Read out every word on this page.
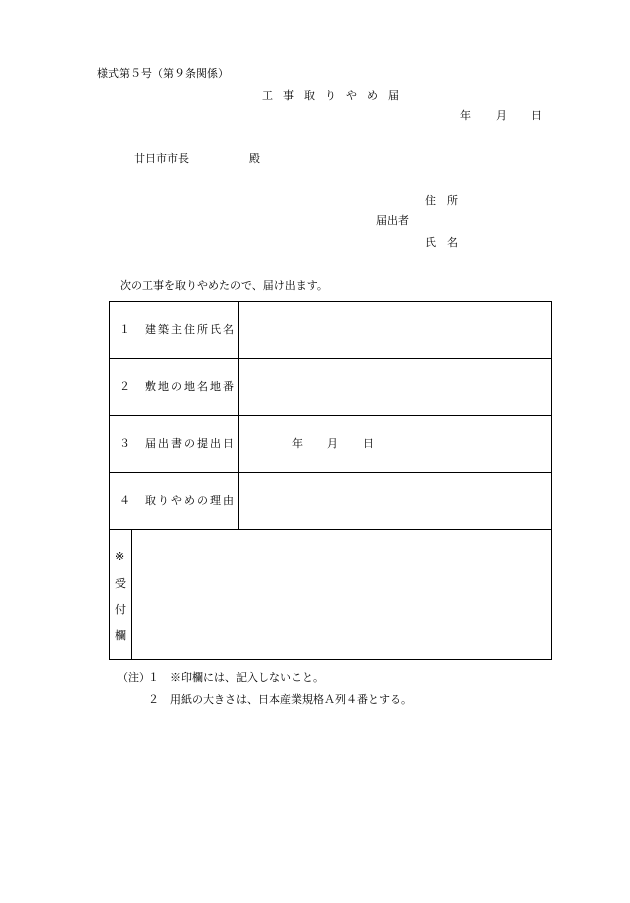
様式第５号（第９条関係）
工事取りやめ届
年 月 日
廿日市市長	殿
住　所
届出者
氏　名
次の工事を取りやめたので、届け出ます。
１　建築主住所氏名
２　敷地の地名地番
３　届出書の提出日	年 月 日
４　取りやめの理由
※
受
付
欄
（注）
１ ※印欄には、記入しないこと。
２ 用紙の大きさは、日本産業規格Ａ列４番とする。
